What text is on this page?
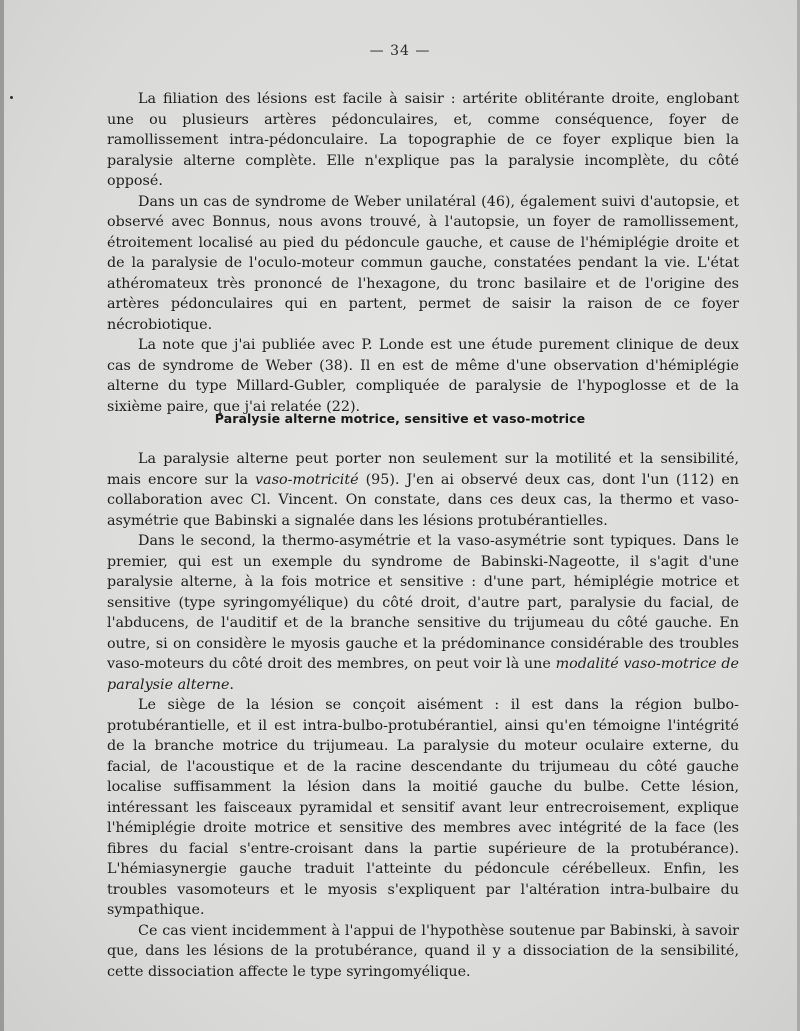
— 34 —

La filiation des lésions est facile à saisir : artérite oblitérante droite, englobant une ou plusieurs artères pédonculaires, et, comme conséquence, foyer de ramollissement intra-pédonculaire. La topographie de ce foyer explique bien la paralysie alterne complète. Elle n'explique pas la paralysie incomplète, du côté opposé.

Dans un cas de syndrome de Weber unilatéral (46), également suivi d'autopsie, et observé avec Bonnus, nous avons trouvé, à l'autopsie, un foyer de ramollissement, étroitement localisé au pied du pédoncule gauche, et cause de l'hémiplégie droite et de la paralysie de l'oculo-moteur commun gauche, constatées pendant la vie. L'état athéromateux très prononcé de l'hexagone, du tronc basilaire et de l'origine des artères pédonculaires qui en partent, permet de saisir la raison de ce foyer nécrobiotique.

La note que j'ai publiée avec P. Londe est une étude purement clinique de deux cas de syndrome de Weber (38). Il en est de même d'une observation d'hémiplégie alterne du type Millard-Gubler, compliquée de paralysie de l'hypoglosse et de la sixième paire, que j'ai relatée (22).

Paralysie alterne motrice, sensitive et vaso-motrice

La paralysie alterne peut porter non seulement sur la motilité et la sensibilité, mais encore sur la vaso-motricité (95). J'en ai observé deux cas, dont l'un (112) en collaboration avec Cl. Vincent. On constate, dans ces deux cas, la thermo et vaso-asymétrie que Babinski a signalée dans les lésions protubérantielles.

Dans le second, la thermo-asymétrie et la vaso-asymétrie sont typiques. Dans le premier, qui est un exemple du syndrome de Babinski-Nageotte, il s'agit d'une paralysie alterne, à la fois motrice et sensitive : d'une part, hémiplégie motrice et sensitive (type syringomyélique) du côté droit, d'autre part, paralysie du facial, de l'abducens, de l'auditif et de la branche sensitive du trijumeau du côté gauche. En outre, si on considère le myosis gauche et la prédominance considérable des troubles vaso-moteurs du côté droit des membres, on peut voir là une modalité vaso-motrice de paralysie alterne.

Le siège de la lésion se conçoit aisément : il est dans la région bulbo-protubérantielle, et il est intra-bulbo-protubérantiel, ainsi qu'en témoigne l'intégrité de la branche motrice du trijumeau. La paralysie du moteur oculaire externe, du facial, de l'acoustique et de la racine descendante du trijumeau du côté gauche localise suffisamment la lésion dans la moitié gauche du bulbe. Cette lésion, intéressant les faisceaux pyramidal et sensitif avant leur entrecroisement, explique l'hémiplégie droite motrice et sensitive des membres avec intégrité de la face (les fibres du facial s'entre-croisant dans la partie supérieure de la protubérance). L'hémiasynergie gauche traduit l'atteinte du pédoncule cérébelleux. Enfin, les troubles vasomoteurs et le myosis s'expliquent par l'altération intra-bulbaire du sympathique.

Ce cas vient incidemment à l'appui de l'hypothèse soutenue par Babinski, à savoir que, dans les lésions de la protubérance, quand il y a dissociation de la sensibilité, cette dissociation affecte le type syringomyélique.
